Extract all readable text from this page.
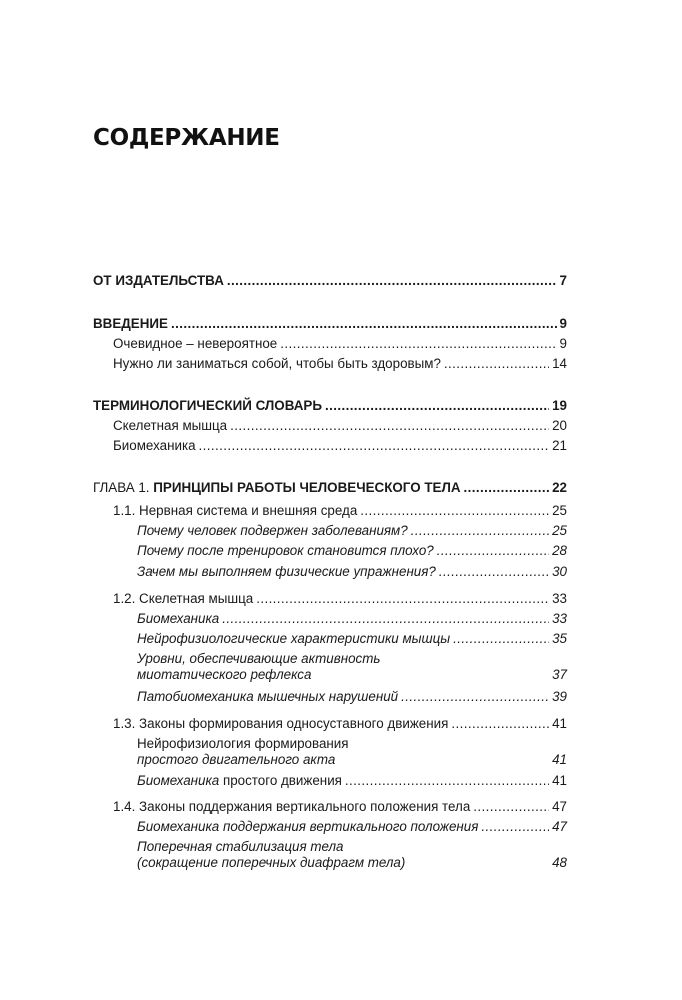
СОДЕРЖАНИЕ
ОТ ИЗДАТЕЛЬСТВА .....	7
ВВЕДЕНИЕ .....	9
Очевидное – невероятное .....	9
Нужно ли заниматься собой, чтобы быть здоровым? .....	14
ТЕРМИНОЛОГИЧЕСКИЙ СЛОВАРЬ .....	19
Скелетная мышца .....	20
Биомеханика .....	21
ГЛАВА 1. ПРИНЦИПЫ РАБОТЫ ЧЕЛОВЕЧЕСКОГО ТЕЛА .....	22
1.1. Нервная система и внешняя среда .....	25
Почему человек подвержен заболеваниям? .....	25
Почему после тренировок становится плохо? .....	28
Зачем мы выполняем физические упражнения? .....	30
1.2. Скелетная мышца .....	33
Биомеханика .....	33
Нейрофизиологические характеристики мышцы .....	35
Уровни, обеспечивающие активность
миотатического рефлекса	37
Патобиомеханика мышечных нарушений .....	39
1.3. Законы формирования односуставного движения .....	41
Нейрофизиология формирования
простого двигательного акта	41
Биомеханика простого движения .....	41
1.4. Законы поддержания вертикального положения тела .....	47
Биомеханика поддержания вертикального положения .....	47
Поперечная стабилизация тела
(сокращение поперечных диафрагм тела)	48
